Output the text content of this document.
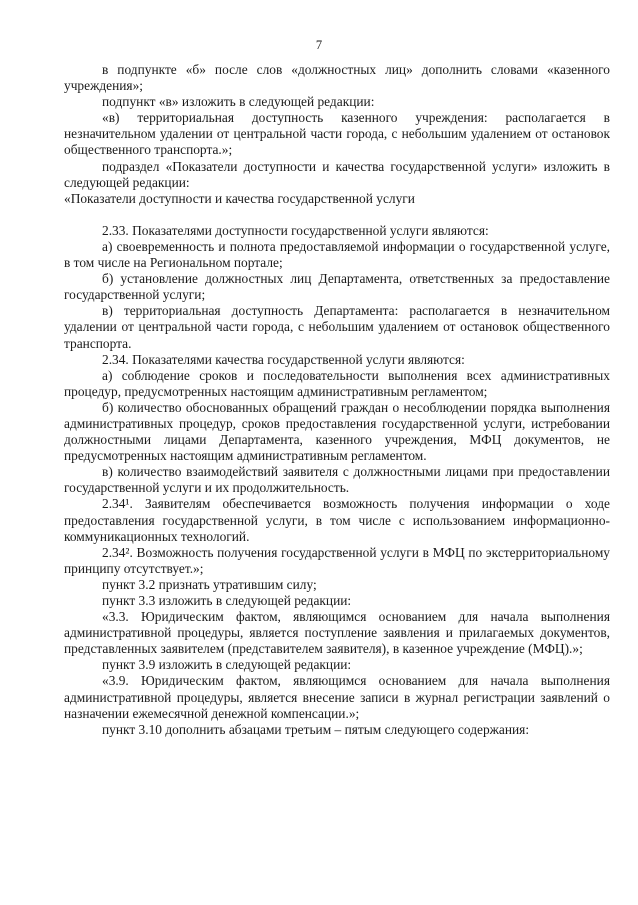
7

в подпункте «б» после слов «должностных лиц» дополнить словами «казенного учреждения»;

подпункт «в» изложить в следующей редакции:

«в) территориальная доступность казенного учреждения: располагается в незначительном удалении от центральной части города, с небольшим удалением от остановок общественного транспорта.»;

подраздел «Показатели доступности и качества государственной услуги» изложить в следующей редакции:

«Показатели доступности и качества государственной услуги

2.33. Показателями доступности государственной услуги являются:

а) своевременность и полнота предоставляемой информации о государственной услуге, в том числе на Региональном портале;

б) установление должностных лиц Департамента, ответственных за предоставление государственной услуги;

в) территориальная доступность Департамента: располагается в незначительном удалении от центральной части города, с небольшим удалением от остановок общественного транспорта.

2.34. Показателями качества государственной услуги являются:

а) соблюдение сроков и последовательности выполнения всех административных процедур, предусмотренных настоящим административным регламентом;

б) количество обоснованных обращений граждан о несоблюдении порядка выполнения административных процедур, сроков предоставления государственной услуги, истребовании должностными лицами Департамента, казенного учреждения, МФЦ документов, не предусмотренных настоящим административным регламентом.

в) количество взаимодействий заявителя с должностными лицами при предоставлении государственной услуги и их продолжительность.

2.34¹. Заявителям обеспечивается возможность получения информации о ходе предоставления государственной услуги, в том числе с использованием информационно-коммуникационных технологий.

2.34². Возможность получения государственной услуги в МФЦ по экстерриториальному принципу отсутствует.»;

пункт 3.2 признать утратившим силу;

пункт 3.3 изложить в следующей редакции:

«3.3. Юридическим фактом, являющимся основанием для начала выполнения административной процедуры, является поступление заявления и прилагаемых документов, представленных заявителем (представителем заявителя), в казенное учреждение (МФЦ).»;

пункт 3.9 изложить в следующей редакции:

«3.9. Юридическим фактом, являющимся основанием для начала выполнения административной процедуры, является внесение записи в журнал регистрации заявлений о назначении ежемесячной денежной компенсации.»;

пункт 3.10 дополнить абзацами третьим – пятым следующего содержания:
